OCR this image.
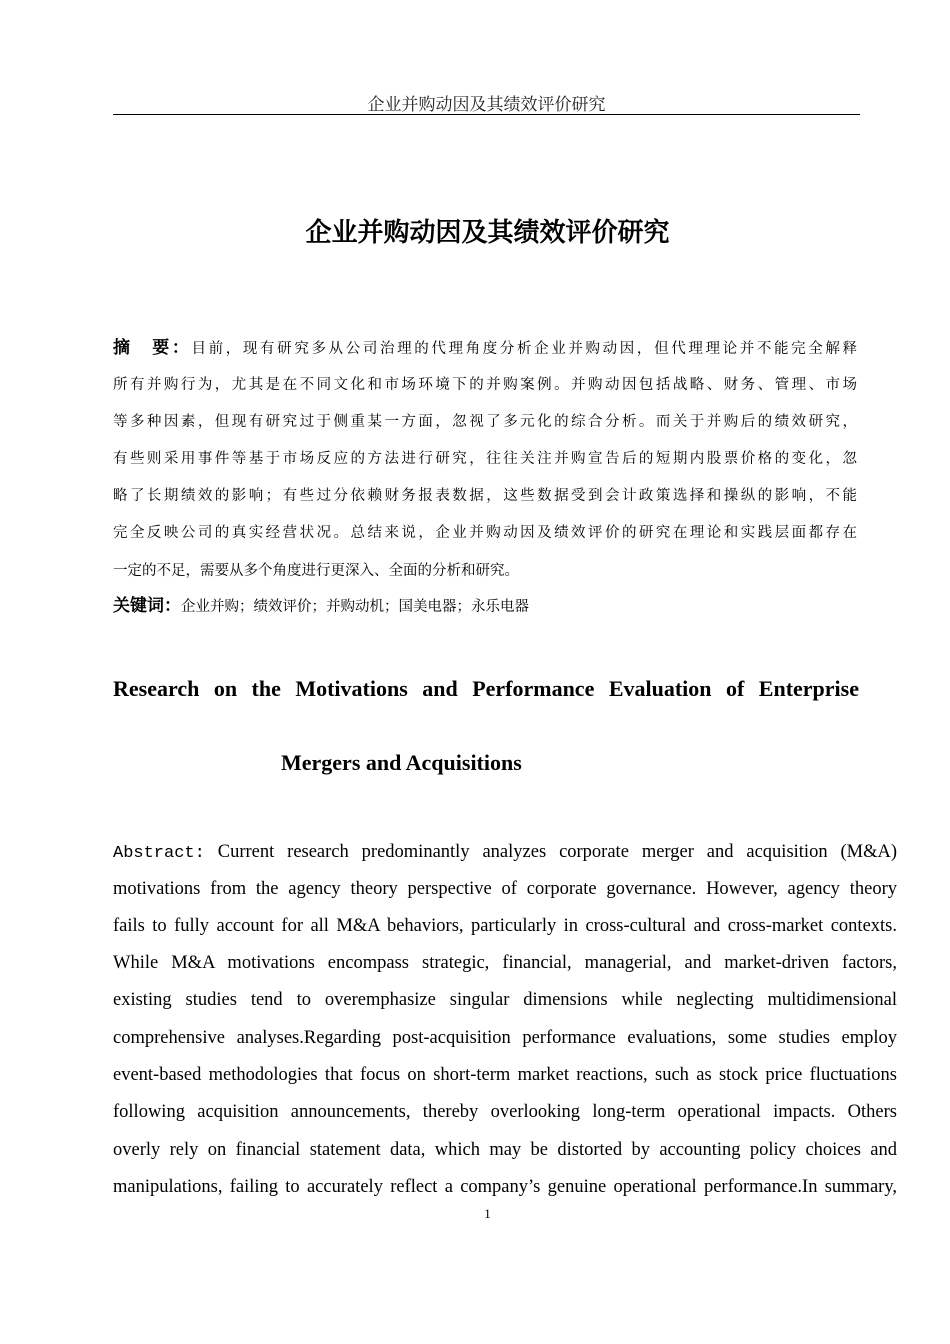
企业并购动因及其绩效评价研究
企业并购动因及其绩效评价研究
摘　要：目前，现有研究多从公司治理的代理角度分析企业并购动因，但代理理论并不能完全解释
所有并购行为，尤其是在不同文化和市场环境下的并购案例。并购动因包括战略、财务、管理、市场
等多种因素，但现有研究过于侧重某一方面，忽视了多元化的综合分析。而关于并购后的绩效研究，
有些则采用事件等基于市场反应的方法进行研究，往往关注并购宣告后的短期内股票价格的变化，忽
略了长期绩效的影响；有些过分依赖财务报表数据，这些数据受到会计政策选择和操纵的影响，不能
完全反映公司的真实经营状况。总结来说，企业并购动因及绩效评价的研究在理论和实践层面都存在
一定的不足，需要从多个角度进行更深入、全面的分析和研究。
关键词：企业并购；绩效评价；并购动机；国美电器；永乐电器
Research on the Motivations and Performance Evaluation of Enterprise
Mergers and Acquisitions
Abstract: Current research predominantly analyzes corporate merger and acquisition (M&A)
motivations from the agency theory perspective of corporate governance. However, agency theory
fails to fully account for all M&A behaviors, particularly in cross-cultural and cross-market contexts.
While M&A motivations encompass strategic, financial, managerial, and market-driven factors,
existing studies tend to overemphasize singular dimensions while neglecting multidimensional
comprehensive analyses.Regarding post-acquisition performance evaluations, some studies employ
event-based methodologies that focus on short-term market reactions, such as stock price fluctuations
following acquisition announcements, thereby overlooking long-term operational impacts. Others
overly rely on financial statement data, which may be distorted by accounting policy choices and
manipulations, failing to accurately reflect a company’s genuine operational performance.In summary,
1
